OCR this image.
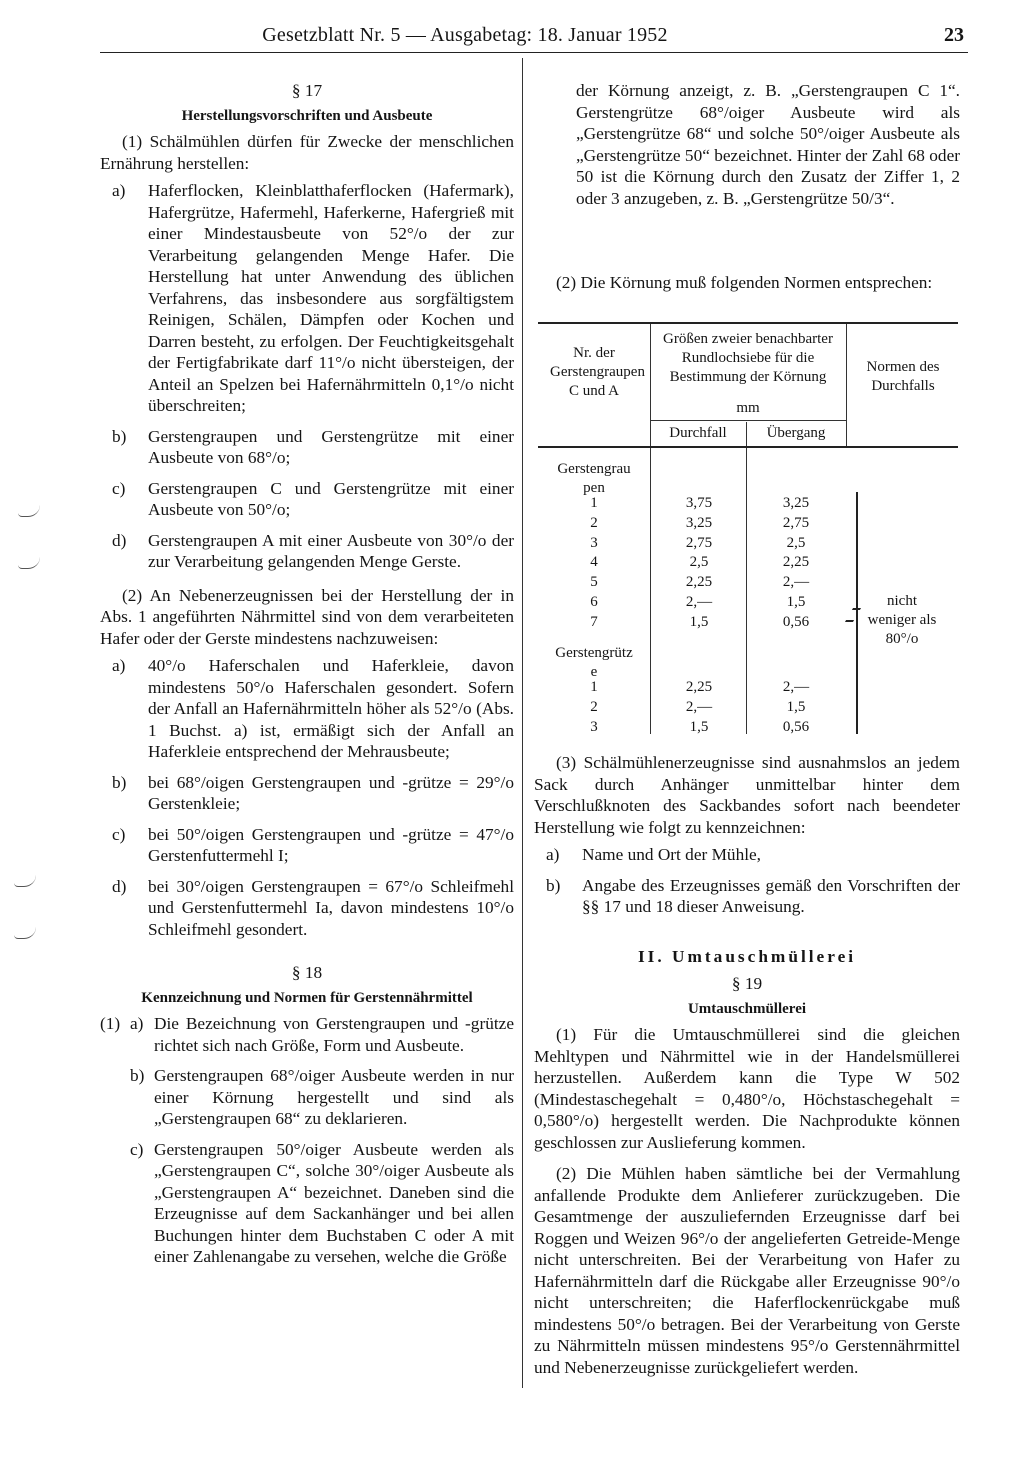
Gesetzblatt Nr. 5 — Ausgabetag: 18. Januar 1952	23

§ 17

Herstellungsvorschriften und Ausbeute

(1) Schälmühlen dürfen für Zwecke der menschlichen Ernährung herstellen:

a)	Haferflocken, Kleinblatthaferflocken (Hafermark), Hafergrütze, Hafermehl, Haferkerne, Hafergrieß mit einer Mindestausbeute von 52°/o der zur Verarbeitung gelangenden Menge Hafer. Die Herstellung hat unter Anwendung des üblichen Verfahrens, das insbesondere aus sorgfältigstem Reinigen, Schälen, Dämpfen oder Kochen und Darren besteht, zu erfolgen. Der Feuchtigkeitsgehalt der Fertigfabrikate darf 11°/o nicht übersteigen, der Anteil an Spelzen bei Hafernährmitteln 0,1°/o nicht überschreiten;
b)	Gerstengraupen und Gerstengrütze mit einer Ausbeute von 68°/o;
c)	Gerstengraupen C und Gerstengrütze mit einer Ausbeute von 50°/o;
d)	Gerstengraupen A mit einer Ausbeute von 30°/o der zur Verarbeitung gelangenden Menge Gerste.

(2) An Nebenerzeugnissen bei der Herstellung der in Abs. 1 angeführten Nährmittel sind von dem verarbeiteten Hafer oder der Gerste mindestens nachzuweisen:

a)	40°/o Haferschalen und Haferkleie, davon mindestens 50°/o Haferschalen gesondert. Sofern der Anfall an Hafernährmitteln höher als 52°/o (Abs. 1 Buchst. a) ist, ermäßigt sich der Anfall an Haferkleie entsprechend der Mehrausbeute;
b)	bei 68°/oigen Gerstengraupen und -grütze = 29°/o Gerstenkleie;
c)	bei 50°/oigen Gerstengraupen und -grütze = 47°/o Gerstenfuttermehl I;
d)	bei 30°/oigen Gerstengraupen = 67°/o Schleifmehl und Gerstenfuttermehl Ia, davon mindestens 10°/o Schleifmehl gesondert.

§ 18

Kennzeichnung und Normen für Gerstennährmittel

(1) a) Die Bezeichnung von Gerstengraupen und -grütze richtet sich nach Größe, Form und Ausbeute.
b) Gerstengraupen 68°/oiger Ausbeute werden in nur einer Körnung hergestellt und sind als „Gerstengraupen 68“ zu deklarieren.
c) Gerstengraupen 50°/oiger Ausbeute werden als „Gerstengraupen C“, solche 30°/oiger Ausbeute als „Gerstengraupen A“ bezeichnet. Daneben sind die Erzeugnisse auf dem Sackanhänger und bei allen Buchungen hinter dem Buchstaben C oder A mit einer Zahlenangabe zu versehen, welche die Größe

der Körnung anzeigt, z. B. „Gerstengraupen C 1“. Gerstengrütze 68°/oiger Ausbeute wird als „Gerstengrütze 68“ und solche 50°/oiger Ausbeute als „Gerstengrütze 50“ bezeichnet. Hinter der Zahl 68 oder 50 ist die Körnung durch den Zusatz der Ziffer 1, 2 oder 3 anzugeben, z. B. „Gerstengrütze 50/3“.

(2) Die Körnung muß folgenden Normen entsprechen:

Nr. der Gerstengraupen C und A
Größen zweier benachbarter Rundlochsiebe für die Bestimmung der Körnung
mm
Durchfall	Übergang
Normen des Durchfalls
Gerstengraupen
1	3,75	3,25
2	3,25	2,75
3	2,75	2,5
4	2,5	2,25
5	2,25	2,—
6	2,—	1,5
7	1,5	0,56
Gerstengrütze
1	2,25	2,—
2	2,—	1,5
3	1,5	0,56
nicht weniger als 80°/o

(3) Schälmühlenerzeugnisse sind ausnahmslos an jedem Sack durch Anhänger unmittelbar hinter dem Verschlußknoten des Sackbandes sofort nach beendeter Herstellung wie folgt zu kennzeichnen:

a)	Name und Ort der Mühle,
b)	Angabe des Erzeugnisses gemäß den Vorschriften der §§ 17 und 18 dieser Anweisung.

II. Umtauschmüllerei

§ 19

Umtauschmüllerei

(1) Für die Umtauschmüllerei sind die gleichen Mehltypen und Nährmittel wie in der Handelsmüllerei herzustellen. Außerdem kann die Type W 502 (Mindestaschegehalt = 0,480°/o, Höchstaschegehalt = 0,580°/o) hergestellt werden. Die Nachprodukte können geschlossen zur Auslieferung kommen.

(2) Die Mühlen haben sämtliche bei der Vermahlung anfallende Produkte dem Anlieferer zurückzugeben. Die Gesamtmenge der auszuliefernden Erzeugnisse darf bei Roggen und Weizen 96°/o der angelieferten Getreide-Menge nicht unterschreiten. Bei der Verarbeitung von Hafer zu Hafernährmitteln darf die Rückgabe aller Erzeugnisse 90°/o nicht unterschreiten; die Haferflockenrückgabe muß mindestens 50°/o betragen. Bei der Verarbeitung von Gerste zu Nährmitteln müssen mindestens 95°/o Gerstennährmittel und Nebenerzeugnisse zurückgeliefert werden.
